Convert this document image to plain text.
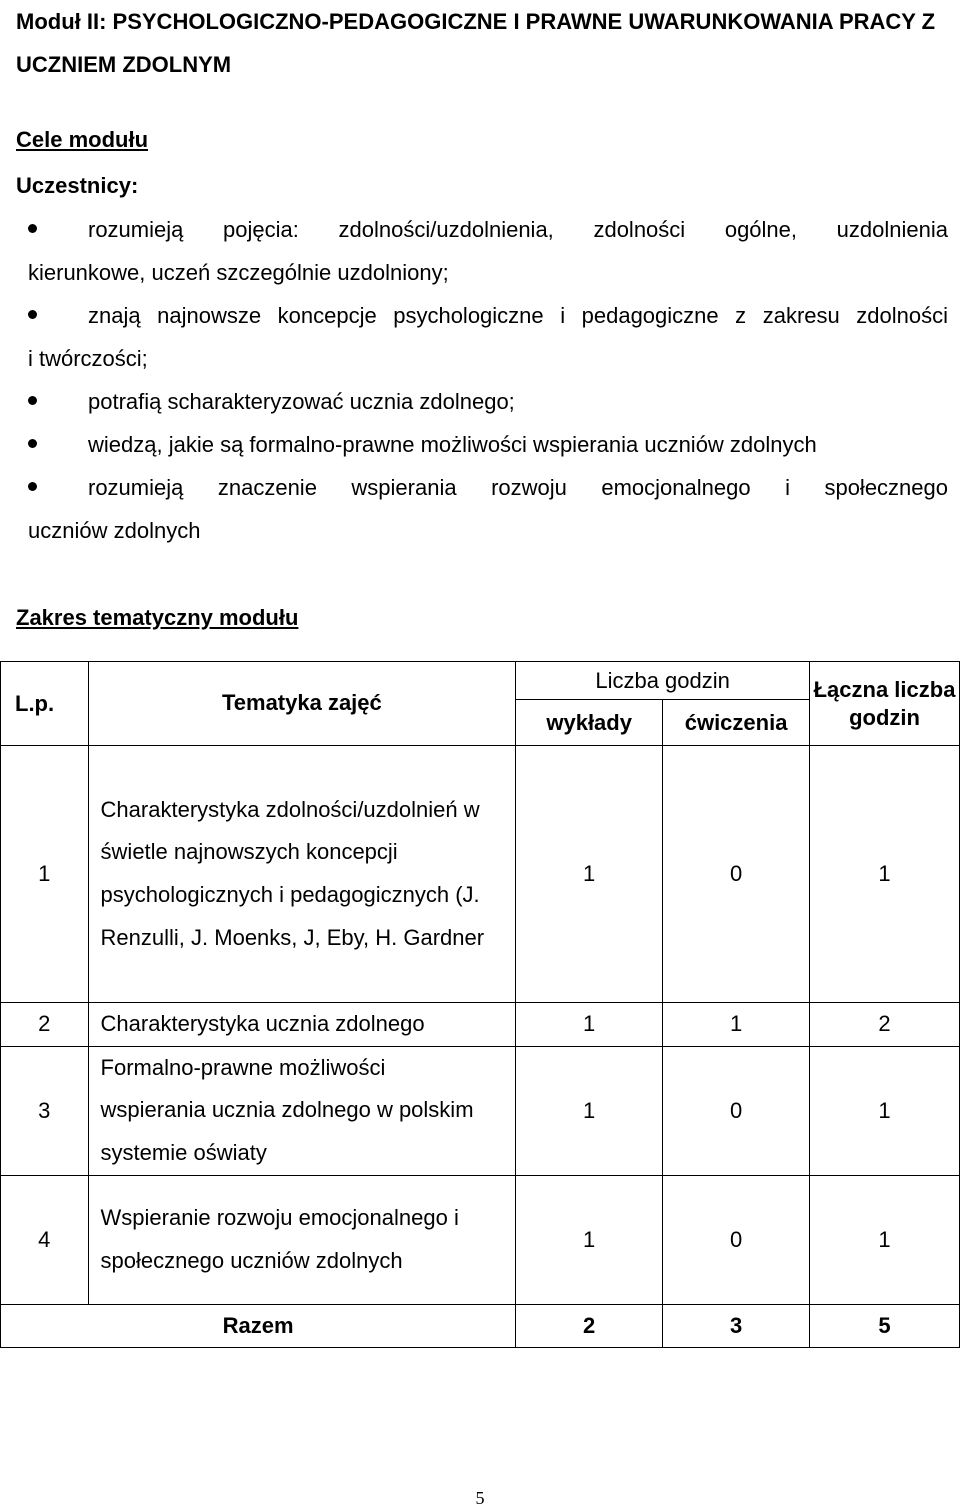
Moduł II: PSYCHOLOGICZNO-PEDAGOGICZNE I PRAWNE UWARUNKOWANIA PRACY Z UCZNIEM ZDOLNYM
Cele modułu
Uczestnicy:
rozumieją pojęcia: zdolności/uzdolnienia, zdolności ogólne, uzdolnienia
kierunkowe, uczeń szczególnie uzdolniony;
znają najnowsze koncepcje psychologiczne i pedagogiczne z zakresu zdolności
i twórczości;
potrafią scharakteryzować ucznia zdolnego;
wiedzą, jakie są formalno-prawne możliwości wspierania uczniów zdolnych
rozumieją znaczenie wspierania rozwoju emocjonalnego i społecznego
uczniów zdolnych
Zakres tematyczny modułu
L.p.	Tematyka zajęć	Liczba godzin		Łączna liczba godzin
		wykłady	ćwiczenia	
1	Charakterystyka zdolności/uzdolnień w świetle najnowszych koncepcji psychologicznych i pedagogicznych (J. Renzulli, J. Moenks, J, Eby, H. Gardner	1	0	1
2	Charakterystyka ucznia zdolnego	1	1	2
3	Formalno-prawne możliwości wspierania ucznia zdolnego w polskim systemie oświaty	1	0	1
4	Wspieranie rozwoju emocjonalnego i społecznego uczniów zdolnych	1	0	1
Razem		2	3	5
5
